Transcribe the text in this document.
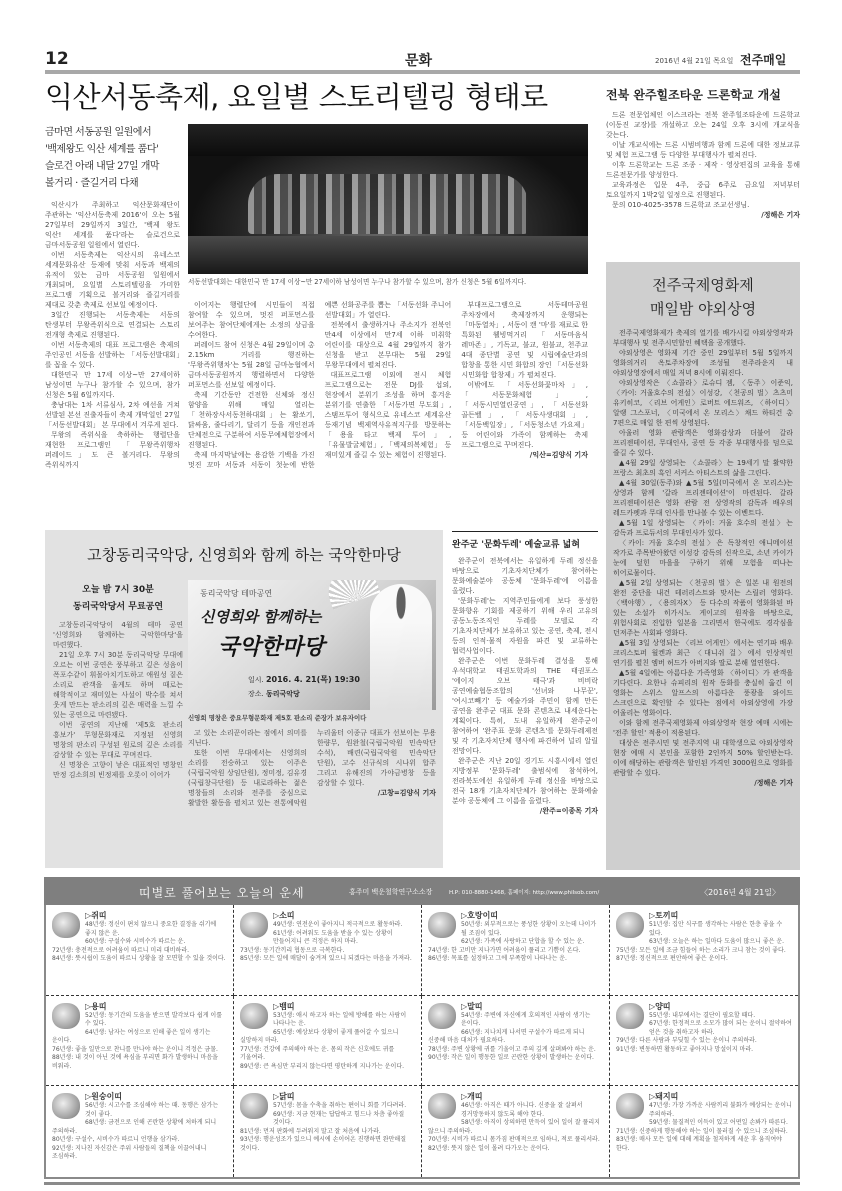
12	문화	2016년 4월 21일 목요일 전주매일
익산서동축제, 요일별 스토리텔링 형태로
금마면 서동공원 일원에서
'백제왕도 익산 세계를 품다'
슬로건 아래 내달 27일 개막
볼거리 · 즐길거리 다채

익산시가 주최하고 익산문화재단이 주관하는 '익산서동축제 2016'이 오는 5월 27일부터 29일까지 3일간, '백제 왕도 익산! 세계를 품다'라는 슬로건으로 금마서동공원 일원에서 열린다.

이번 서동축제는 익산시의 유네스코 세계문화유산 등재에 맞춰 서동과 백제의 유적이 있는 금마 서동공원 일원에서 개최되며, 요일별 스토리텔링을 가미한 프로그램 기획으로 볼거리와 즐길거리를 제대로 갖춘 축제로 선보일 예정이다.

3일간 진행되는 서동축제는 서동의 탄생부터 무왕즉위식으로 연결되는 스토리 전개형 축제로 진행된다.

이번 서동축제의 대표 프로그램은 축제의 주인공인 서동을 선발하는 「서동선발대회」를 꼽을 수 있다.

대한민국 만 17세 이상~만 27세이하 남성이면 누구나 참가할 수 있으며, 참가 신청은 5월 6일까지다.

충남대는 1차 서류심사, 2차 예선을 거쳐 선발된 본선 진출자들이 축제 개막일인 27일 「서동선발대회」 본 무대에서 겨루게 된다.

무왕의 즉위식을 축하하는 행렬단을 재현한 프로그램인 「무왕즉위행차 퍼레이드」도 큰 볼거리다. 무왕의 즉위식까지

서동선발대회는 대한민국 만 17세 이상~만 27세이하 남성이면 누구나 참가할 수 있으며, 참가 신청은 5월 6일까지다.

이어지는 행렬단에 시민들이 직접 참여할 수 있으며, 멋진 퍼포먼스를 보여주는 참여단체에게는 소정의 상금을 수여한다.

퍼레이드 참여 신청은 4월 29일이며 총 2.15km 거리를 행진하는 '무왕즉위행차'는 5월 28일 금마농협에서 금마서동공원까지 행렬하면서 다양한 퍼포먼스를 선보일 예정이다.

축제 기간동안 건전한 신체와 정신 함양을 위해 매일 열리는 「천하장사서동천하대회」는 활쏘기, 닭싸움, 줄다리기, 달리기 등을 개인전과 단체전으로 구분하여 서동무예체험장에서 진행된다.

축제 마지막날에는 용감한 기백을 가진 멋진 꼬마 서동과 서동이 첫눈에 반한 예쁜 선화공주를 뽑는 「서동선화 주니어 선발대회」가 열린다.

전북에서 출생하거나 주소지가 전북인 만4세 이상에서 만7세 이하 미취학 어린이를 대상으로 4월 29일까지 참가 신청을 받고 본무대는 5월 29일 무왕무대에서 펼쳐진다.

대표프로그램 이외에 전시 체험 프로그램으로는 전문 DJ를 섭외, 현장에서 분위기 조성을 하며 흥겨운 분위기를 연출한 「서동가면 무도회」, 스탬프투어 형식으로 유네스코 세계유산 등재기념 백제역사유적지구를 방문하는 「용을 타고 백제 투어」, 「유물발굴체험」, 「백제의복체험」 등 재미있게 즐길 수 있는 체험이 진행된다.

부대프로그램으로 서동테마공원 주차장에서 축제장까지 운행되는 「마동열차」, 서동이 캔 '마'를 재료로 한 특화된 웰빙먹거리 「서동마음식 레마존」, 기독교, 불교, 원불교, 천주교 4대 종단별 공연 및 시립예술단과의 합창을 통한 시민 화합의 장인 「서동선화 시민화합 합창제」가 펼쳐진다.

이밖에도 「서동선화꽃마차」, 「서동문화체험」, 「서동시민열린공연」, 「서동선화 골든벨」, 「서동사생대회」, 「서동백일장」, 「서동청소년 가요제」 등 어린이와 가족이 함께하는 축제 프로그램으로 꾸며진다.

/익산=김양식 기자
전북 완주힐조타운 드론학교 개설

드론 전문업체인 이스크라는 전북 완주힐조타운에 드론학교(이동진 교장)를 개설하고 오는 24일 오후 3시에 개교식을 갖는다.

이날 개교식에는 드론 시범비행과 함께 드론에 대한 정보교류 및 체험 프로그램 등 다양한 부대행사가 펼쳐진다.

이후 드론학교는 드론 조종 · 제작 · 영상편집의 교육을 통해 드론전문가를 양성한다.

교육과정은 입문 4주, 중급 6주로 금요일 저녁부터 토요일까지 1박2일 일정으로 진행된다.

문의 010-4025-3578 드론학교 조교선생님.

/정해은 기자
전주국제영화제
매일밤 야외상영

전주국제영화제가 축제의 열기를 배가시킬 야외상영작과 부대행사 및 전주시민할인 혜택을 공개했다.

야외상영은 영화제 기간 중인 29일부터 5월 5일까지 영화의거리 옥토주차장에 조성될 전주라운지 내 야외상영장에서 매일 저녁 8시에 이뤄진다.

야외상영작은 〈쇼콜라〉로슈디 젬, 〈동주〉이준익, 〈카이: 거울호수의 전설〉이성강, 〈천공의 벌〉츠츠미 유키히코, 〈리브 어게인〉로버트 에드워즈, 〈하이디〉알랭 그스포너, 〈미국에서 온 모리스〉채드 하티건 총 7편으로 매일 한 편씩 상영된다.

아울러 영화 관람객은 영화감상과 더불어 갈라 프리젠테이션, 무대인사, 공연 등 각종 부대행사를 덤으로 즐길 수 있다.

▲4월 29일 상영되는 〈쇼콜라〉는 19세기 말 활약한 프랑스 최초의 흑인 서커스 아티스트의 삶을 그린다.

▲4월 30일(동주)와 ▲5월 5일(미국에서 온 모리스)는 상영과 함께 '갈라 프리젠테이션'이 마련된다. 갈라 프리젠테이션은 영화 관람 전 상영작의 감독과 배우의 레드카펫과 무대 인사를 만나볼 수 있는 이벤트다.

▲5월 1일 상영되는 〈카이: 거울 호수의 전설〉는 감독과 프로듀서의 무대인사가 있다.

〈카이: 거울 호수의 전설〉은 독창적인 애니메이션 작가로 주목받아왔던 이성강 감독의 신작으로, 소년 카이가 눈에 덮힌 마을을 구하기 위해 모험을 떠나는 히어로물이다.

▲5월 2일 상영되는 〈천공의 벌〉은 일본 내 원전의 완전 중단을 내건 테러리스트와 맞서는 스릴러 영화다. 〈백야행〉, 〈용의자X〉 등 다수의 작품이 영화화된 바 있는 소설가 히가시노 게이고의 원작을 바탕으로, 위험사회로 진입한 일본을 그리면서 한국에도 경각심을 던져주는 사회파 영화다.

▲5월 3일 상영되는 〈리브 어게인〉에서는 연기파 배우 크리스토퍼 월켄과 최근 〈대니쉬 걸〉에서 인상적인 연기를 펼친 엠버 허드가 아버지와 딸로 분해 열연한다.

▲5월 4일에는 아름다운 가족영화 〈하이디〉가 관객을 기다린다. 요한나 슈피리의 원작 동화를 충실히 옮긴 이 영화는 스위스 알프스의 아름다운 풍광을 와이드 스크린으로 확인할 수 있다는 점에서 야외상영에 가장 어울리는 영화이다.

이와 함께 전주국제영화제 야외상영작 현장 예매 시에는 '전주 할인' 적용이 적용된다.

대상은 전주시민 및 전주지역 내 대학생으로 야외상영작 현장 예매 시 본인을 포함한 2인까지 50% 할인받는다. 이에 해당하는 관람객은 할인된 가격인 3000원으로 영화를 관람할 수 있다.

/정해은 기자
고창동리국악당, 신영희와 함께 하는 국악한마당
오늘 밤 7시 30분
동리국악당서 무료공연

고창동리국악당이 4월의 테마 공연 '신영희와 함께하는 국악한마당'을 마련했다.

21일 오후 7시 30분 동리국악당 무대에 오르는 이번 공연은 풍부하고 깊은 성음이 폭포수같이 휘몰아치기도하고 애원성 짙은 소리로 관객을 울게도 하며 때로는 해학적이고 재미있는 사설이 박수를 쳐서 웃게 만드는 판소리의 깊은 매력을 느낄 수 있는 공연으로 마련됐다.

이번 공연의 지난해 '제5호 판소리 흥보가' 무형문화재로 지정된 신영희 명창의 판소리 구성된 원로의 깊은 소리를 감상할 수 있는 무대로 꾸며진다.

신 명창은 고향이 낳은 대표적인 명창인 만정 김소희의 빈정제를 오롯이 이어가

동리국악당 테마공연
신영희와 함께하는
국악한마당
일시. 2016. 4. 21(목) 19:30
장소. 동리국악당
신영희 명창은 중요무형문화재 제5호 판소리 준장가 보유자이다

고 있는 소리꾼이라는 점에서 의미를 지닌다.

또한 이번 무대에서는 신영희의 소리를 전승하고 있는 이주은(국립국악원 상임단원), 정미정, 김유경(국립창극단원) 등 내로라하는 젊은 명창들의 소리와 전주를 중심으로 활발한 활동을 펼치고 있는 전통예악원 누리울터 이종규 대표가 선보이는 무용 한량무, 원완철(국립국악원 민속악단 수석), 배련(국립국악원 민속악단 단원), 고수 신규식의 시나위 합주 그리고 유해진의 가야금병창 등을 감상할 수 있다.

/고창=김양식 기자
완주군 '문화두레' 예술교류 넓혀

완주군이 전북에서는 유일하게 두레 정신을 바탕으로 기초자치단체가 참여하는 문화예술분야 공동체 '문화두레'에 이름을 올렸다.

'문화두레'는 지역주민들에게 보다 풍성한 문화향유 기회를 제공하기 위해 우리 고유의 공동노동조직인 두레를 모델로 각 기초자치단체가 보유하고 있는 공연, 축제, 전시 등의 인적·물적 자원을 파견 및 교류하는 협력사업이다.

완주군은 이번 문화두레 결성을 통해 우석대학교 태권도학과의 THE 태권포스 '에이지 오브 태극'과 비비락 공연예술협동조합의 '선녀와 나무꾼', '여시코빼기' 등 예술가와 주민이 함께 만든 공연을 완주군 대표 문화 콘텐츠로 내세운다는 계획이다. 특히, 도내 유일하게 완주군이 참여하여 '완주표 문화 콘텐츠'를 문화두레제전 및 각 기초자치단체 행사에 파견하여 널리 알릴 전망이다.

완주군은 지난 20일 경기도 시흥시에서 열린 지방정부 '문화두레' 출범식에 참석하여, 전라북도에선 유일하게 두레 정신을 바탕으로 전국 18개 기초자치단체가 참여하는 문화예술 분야 공동체에 그 이름을 올렸다.

/완주=이종목 기자
띠별로 풀어보는 오늘의 운세	홍주미 백운철학연구소소장	H.P: 010-8880-1468, 홈페이지: http://www.philsob.com/	〈2016년 4월 21일〉
▷쥐띠
48년생: 정신이 편치 않으니 중요한 결정을 쉬기에 좋지 않은 운.
60년생: 구설수와 시비수가 따르는 운.
72년생: 충전적으로 어려움이 따르니 미리 대비하라.
84년생: 뜻시쉽이 도움이 따르니 상황을 잘 모면할 수 있을 것이다.
▷소띠
49년생: 연전운이 좋아지니 적극적으로 활동하라.
61년생: 어려워도 도움을 받을 수 있는 상황이 만들어지니 큰 걱정은 하지 마라.
73년생: 동기간끼리 협동으로 극복한다.
85년생: 모든 일에 매달이 숨겨져 있으니 되겠다는 마음을 가져라.
▷호랑이띠
50년생: 외부적으로는 풍성한 상황이 오는데 나이가 될 조짐이 있다.
62년생: 가족에 사랑하고 단합을 할 수 있는 운.
74년생: 한 고비만 지나가면 어려움이 풀리고 기쁨이 온다.
86년생: 목표를 설정하고 그에 부족함이 나타나는 운.
▷토끼띠
51년생: 집안 식구를 생각하는 사람은 한층 좋을 수 있다.
63년생: 오늘은 하는 일마다 도움이 많으니 좋은 운.
75년생: 모든 일에 조금 힘들어 하는 소리가 크니 참는 것이 좋다.
87년생: 정신적으로 편안하여 좋은 운이다.
▷용띠
52년생: 동기간의 도움을 받으면 발각보다 쉽게 이룰 수 있다.
64년생: 남자는 여성으로 인해 좋은 일이 생기는 운이다.
76년생: 좋을 일만으로 찬니를 만나야 하는 운이니 걱정은 금물.
88년생: 내 것이 아닌 것에 욕심을 부리면 화가 발생하니 마음을 비워라.
▷뱀띠
53년생: 애시 하고자 하는 일에 방해를 하는 사람이 나타나는 운.
65년생: 예상보다 상황이 좋게 풀어갈 수 있으니 실망하지 마라.
77년생: 건강에 주의해야 하는 운. 몸의 작은 신호에도 귀를 기울여라.
89년생: 큰 욕심만 부리지 않는다면 평탄하게 지나가는 운이다.
▷말띠
54년생: 주변에 자신에게 호의적인 사람이 생기는 운이다.
66년생: 지나치게 나서면 구설수가 따르게 되니 신중해 마음 대처가 필요하다.
78년생: 주변 상황에 귀를 기울이고 주의 깊게 살펴봐야 하는 운.
90년생: 작은 일이 행동한 일로 곤란한 상황이 발생하는 운이다.
▷양띠
55년생: 내부에서는 결단이 필요할 때다.
67년생: 한정적으로 소모가 많이 되는 운이니 절약하여 얻은 것을 취하고자 하라.
79년생: 다른 사람과 부딪힐 수 있는 운이니 주의하라.
91년생: 변동하면 활동하고 좋아지나 망설이지 마라.
▷원숭이띠
56년생: 시고수를 조심해야 하는 때. 동행은 삼가는 것이 좋다.
68년생: 금전으로 인해 곤란한 상황에 처하게 되니 주의하라.
80년생: 구설수, 시비수가 따르니 언행을 삼가라.
92년생: 지나친 자신감은 주위 사람들의 질책을 이끌어내니 조심하라.
▷닭띠
57년생: 몸을 수축을 취하는 편이니 회를 기다려라.
69년생: 지금 현재는 답답하고 힘드나 차츰 좋아질 것이다.
81년생: 먼저 판화에 두려워지 말고 잘 처음에 나가라.
93년생: 행운성조가 있으니 예시에 손이어온 진행하면 완만해질 것이다.
▷개띠
46년생: 아직은 때가 아니다. 신중을 잘 살펴서 경거망동하지 않도록 해야 한다.
58년생: 아직이 상의하면 만득이 있어 일이 잘 풀리지 않으니 주의하라.
70년생: 시비가 따르니 몸가짐 판매적으로 임하니, 적로 풀리서라.
82년생: 뜻지 않은 일이 몰려 다가오는 운이다.
▷돼지띠
47년생: 가장 가까운 사람끼리 불화가 예상되는 운이니 주의하라.
59년생: 물질적인 이득이 있고 어떤일 손봐가 따른다.
71년생: 신중하게 행동해야 하는 일이 물러질 수 있으니 조심하라.
83년생: 매사 모든 일에 대해 계획을 철저하게 세운 후 움직여야 한다.
